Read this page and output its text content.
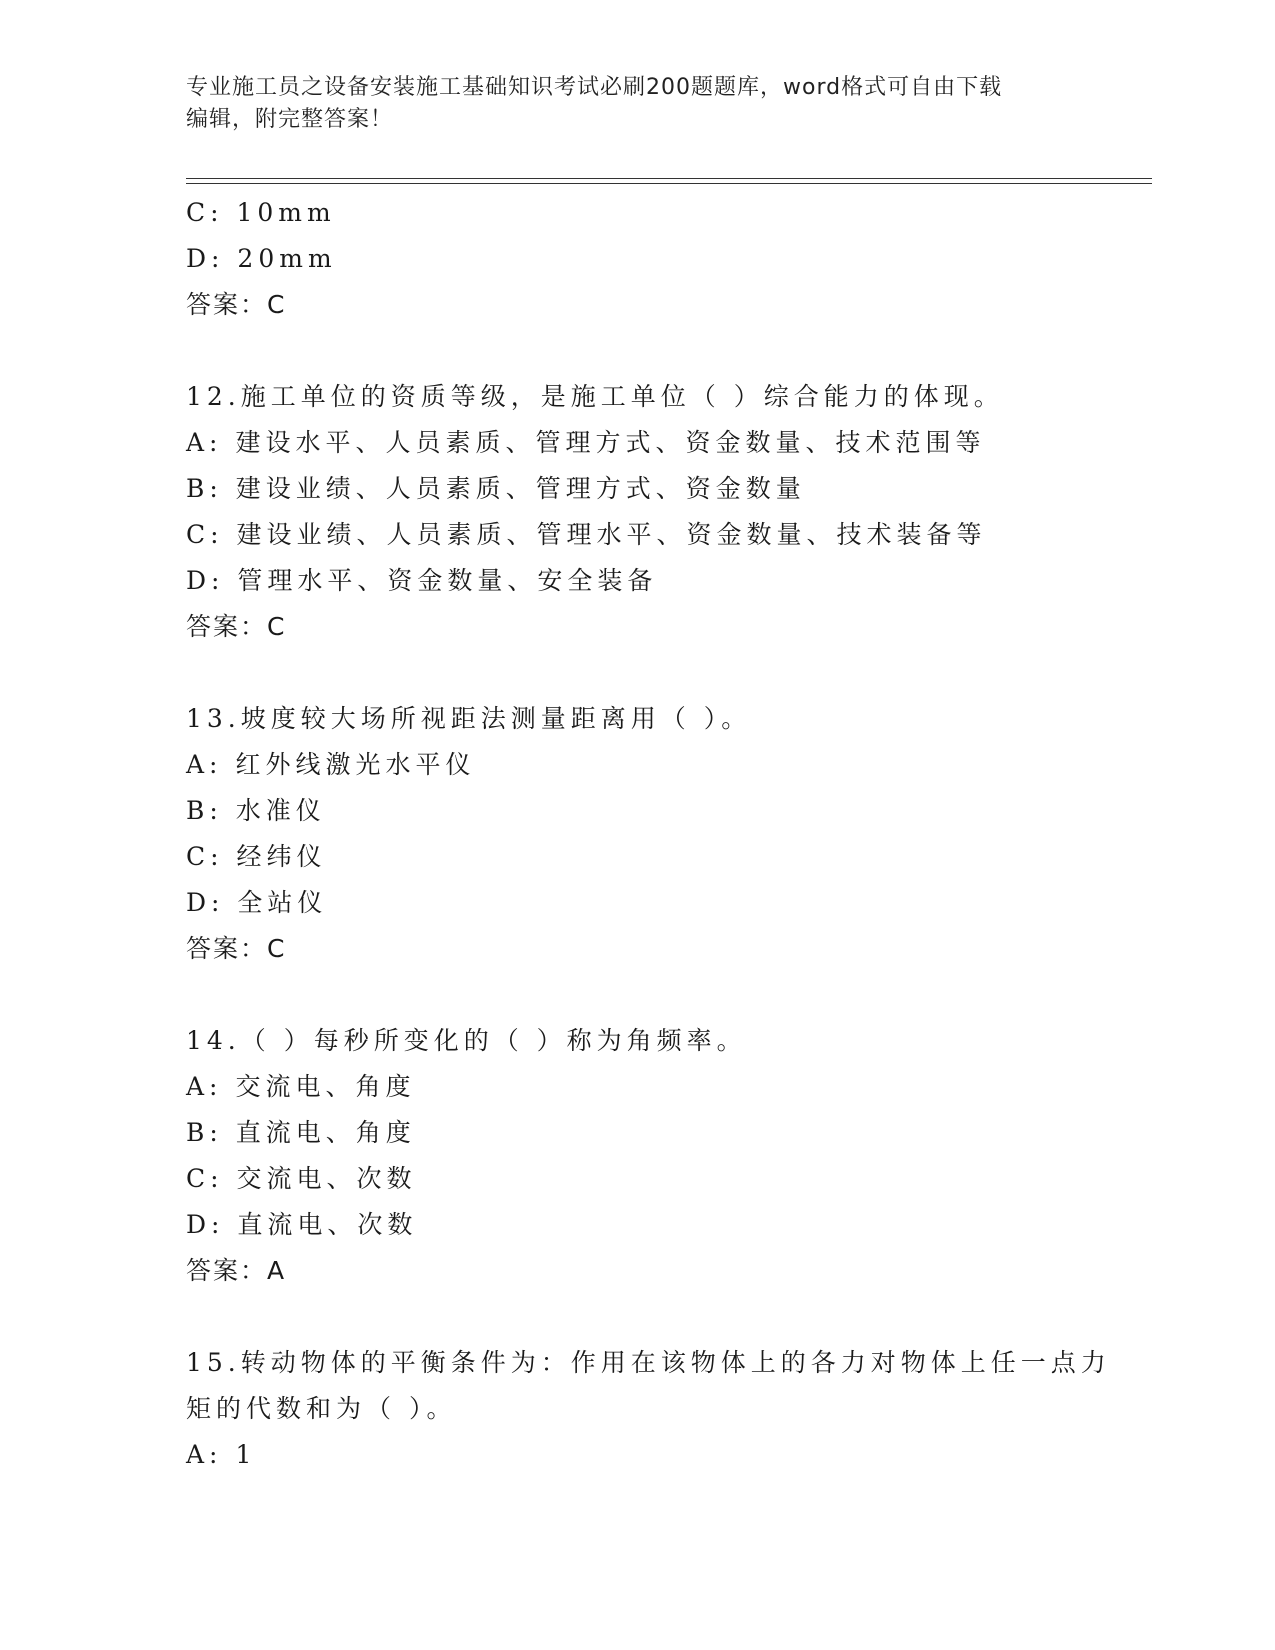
专业施工员之设备安装施工基础知识考试必刷200题题库，word格式可自由下载
编辑，附完整答案！
C: 10mm
D: 20mm
答案：C
12.施工单位的资质等级，是施工单位（ ）综合能力的体现。
A: 建设水平、人员素质、管理方式、资金数量、技术范围等
B: 建设业绩、人员素质、管理方式、资金数量
C: 建设业绩、人员素质、管理水平、资金数量、技术装备等
D: 管理水平、资金数量、安全装备
答案：C
13.坡度较大场所视距法测量距离用（ ）。
A: 红外线激光水平仪
B: 水准仪
C: 经纬仪
D: 全站仪
答案：C
14.（ ）每秒所变化的（ ）称为角频率。
A: 交流电、角度
B: 直流电、角度
C: 交流电、次数
D: 直流电、次数
答案：A
15.转动物体的平衡条件为：作用在该物体上的各力对物体上任一点力
矩的代数和为（ ）。
A: 1
